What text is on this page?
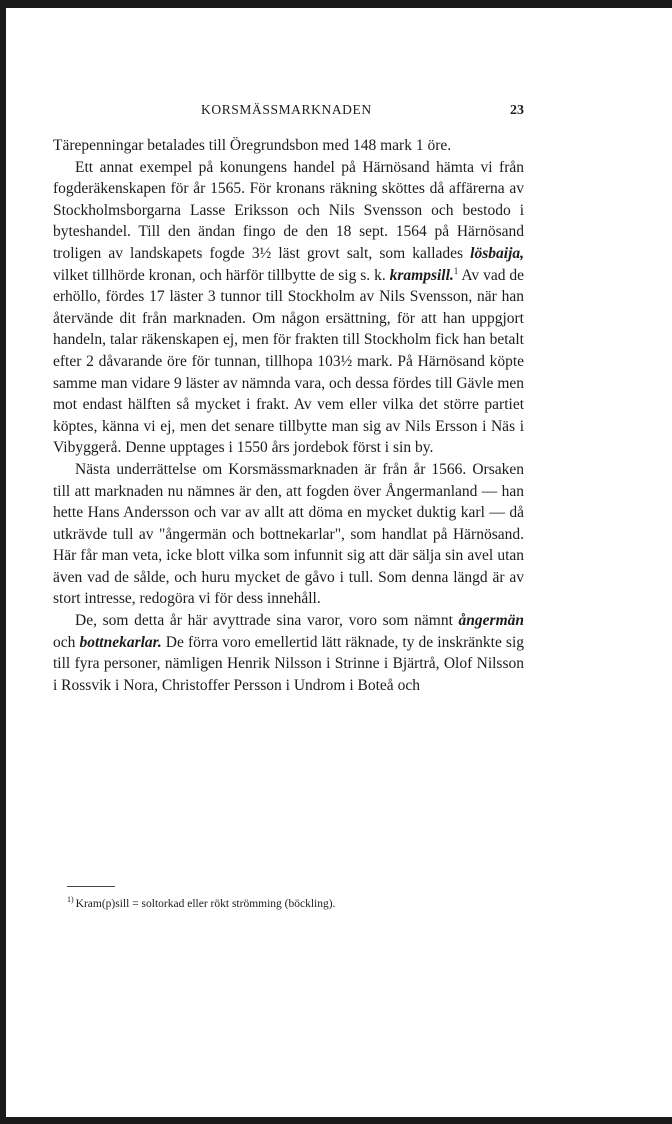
KORSMÄSSMARKNADEN	23

Tärepenningar betalades till Öregrundsbon med 148 mark 1 öre.

Ett annat exempel på konungens handel på Härnösand hämta vi från fogderäkenskapen för år 1565. För kronans räkning sköttes då affärerna av Stockholmsborgarna Lasse Eriksson och Nils Svensson och bestodo i byteshandel. Till den ändan fingo de den 18 sept. 1564 på Härnösand troligen av landskapets fogde 3½ läst grovt salt, som kallades lösbaija, vilket tillhörde kronan, och härför tillbytte de sig s. k. krampsill.$^1$ Av vad de erhöllo, fördes 17 läster 3 tunnor till Stockholm av Nils Svensson, när han återvände dit från marknaden. Om någon ersättning, för att han uppgjort handeln, talar räkenskapen ej, men för frakten till Stockholm fick han betalt efter 2 dåvarande öre för tunnan, tillhopa 103½ mark. På Härnösand köpte samme man vidare 9 läster av nämnda vara, och dessa fördes till Gävle men mot endast hälften så mycket i frakt. Av vem eller vilka det större partiet köptes, känna vi ej, men det senare tillbytte man sig av Nils Ersson i Näs i Vibyggerå. Denne upptages i 1550 års jordebok först i sin by.

Nästa underrättelse om Korsmässmarknaden är från år 1566. Orsaken till att marknaden nu nämnes är den, att fogden över Ångermanland — han hette Hans Andersson och var av allt att döma en mycket duktig karl — då utkrävde tull av "ångermän och bottnekarlar", som handlat på Härnösand. Här får man veta, icke blott vilka som infunnit sig att där sälja sin avel utan även vad de sålde, och huru mycket de gåvo i tull. Som denna längd är av stort intresse, redogöra vi för dess innehåll.

De, som detta år här avyttrade sina varor, voro som nämnt ångermän och bottnekarlar. De förra voro emellertid lätt räknade, ty de inskränkte sig till fyra personer, nämligen Henrik Nilsson i Strinne i Bjärtrå, Olof Nilsson i Rossvik i Nora, Christoffer Persson i Undrom i Boteå och

$^{1)}$ Kram(p)sill = soltorkad eller rökt strömming (böckling).
